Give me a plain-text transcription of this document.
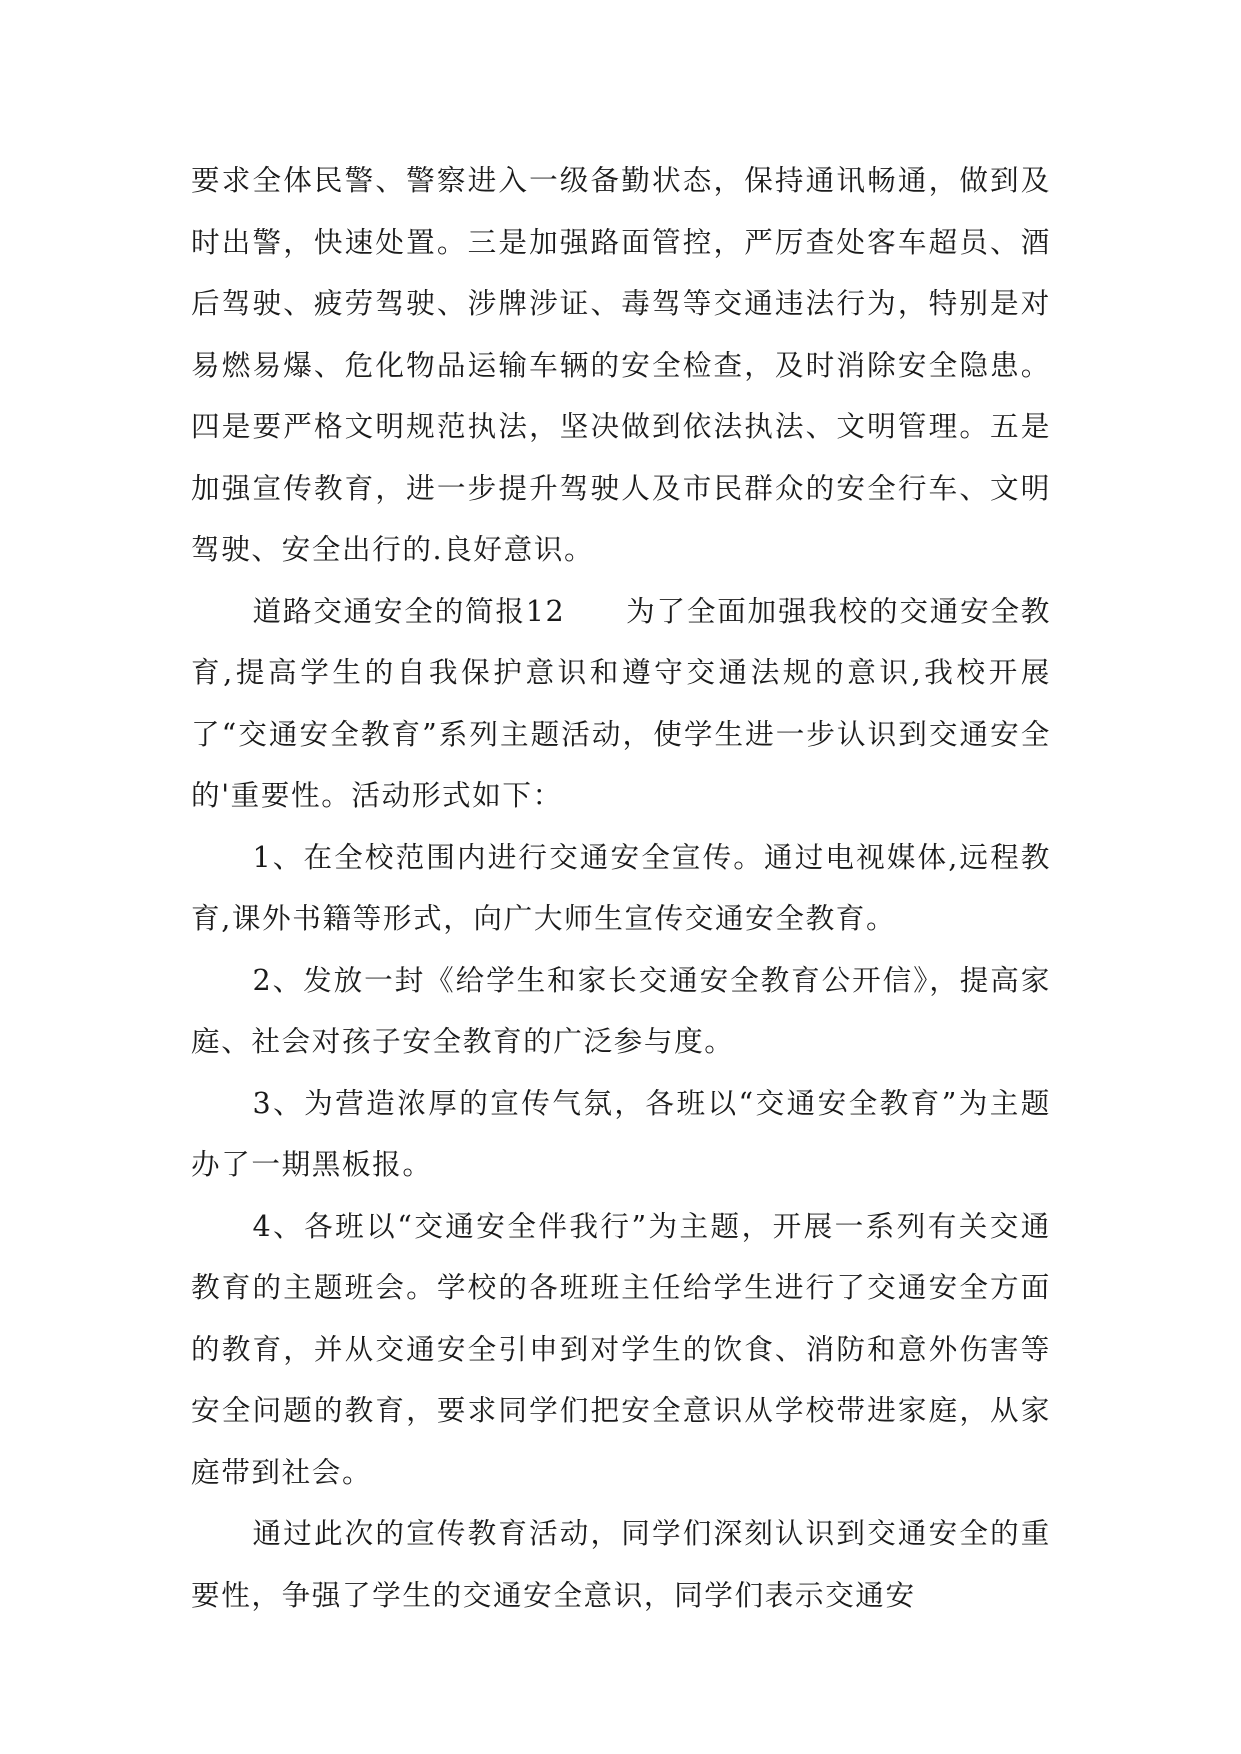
要求全体民警、警察进入一级备勤状态，保持通讯畅通，做到及时出警，快速处置。三是加强路面管控，严厉查处客车超员、酒后驾驶、疲劳驾驶、涉牌涉证、毒驾等交通违法行为，特别是对易燃易爆、危化物品运输车辆的安全检查，及时消除安全隐患。四是要严格文明规范执法，坚决做到依法执法、文明管理。五是加强宣传教育，进一步提升驾驶人及市民群众的安全行车、文明驾驶、安全出行的.良好意识。

道路交通安全的简报12　　为了全面加强我校的交通安全教育,提高学生的自我保护意识和遵守交通法规的意识,我校开展了“交通安全教育”系列主题活动，使学生进一步认识到交通安全的'重要性。活动形式如下：

1、在全校范围内进行交通安全宣传。通过电视媒体,远程教育,课外书籍等形式，向广大师生宣传交通安全教育。

2、发放一封《给学生和家长交通安全教育公开信》，提高家庭、社会对孩子安全教育的广泛参与度。

3、为营造浓厚的宣传气氛，各班以“交通安全教育”为主题办了一期黑板报。

4、各班以“交通安全伴我行”为主题，开展一系列有关交通教育的主题班会。学校的各班班主任给学生进行了交通安全方面的教育，并从交通安全引申到对学生的饮食、消防和意外伤害等安全问题的教育，要求同学们把安全意识从学校带进家庭，从家庭带到社会。

通过此次的宣传教育活动，同学们深刻认识到交通安全的重要性，争强了学生的交通安全意识，同学们表示交通安
